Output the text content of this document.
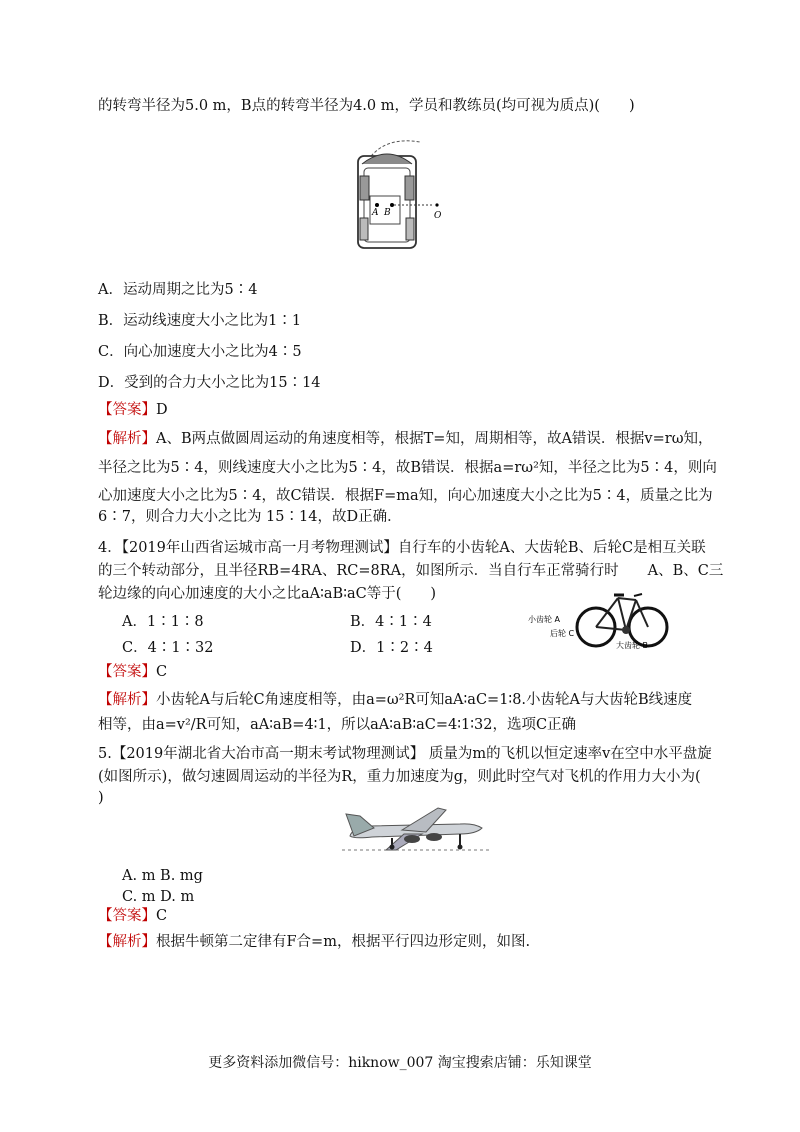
的转弯半径为5.0 m，B点的转弯半径为4.0 m，学员和教练员(均可视为质点)(　　)
A B	O
A．运动周期之比为5∶4
B．运动线速度大小之比为1∶1
C．向心加速度大小之比为4∶5
D．受到的合力大小之比为15∶14
【答案】D
【解析】A、B两点做圆周运动的角速度相等，根据T=知，周期相等，故A错误．根据v=rω知，
半径之比为5∶4，则线速度大小之比为5∶4，故B错误．根据a=rω²知，半径之比为5∶4，则向
心加速度大小之比为5∶4，故C错误．根据F=ma知，向心加速度大小之比为5∶4，质量之比为
6∶7，则合力大小之比为 15∶14，故D正确．
4．【2019年山西省运城市高一月考物理测试】自行车的小齿轮A、大齿轮B、后轮C是相互关联
的三个转动部分，且半径RB=4RA、RC=8RA，如图所示．当自行车正常骑行时　　A、B、C三
轮边缘的向心加速度的大小之比aA∶aB∶aC等于(　　)
A．1∶1∶8	B．4∶1∶4
C．4∶1∶32	D．1∶2∶4
小齿轮 A
后轮 C
大齿轮 B
【答案】C
【解析】小齿轮A与后轮C角速度相等，由a=ω²R可知aA∶aC=1∶8.小齿轮A与大齿轮B线速度
相等，由a=v²/R可知，aA∶aB=4∶1，所以aA∶aB∶aC=4∶1∶32，选项C正确
5.【2019年湖北省大冶市高一期末考试物理测试】 质量为m的飞机以恒定速率v在空中水平盘旋
(如图所示)，做匀速圆周运动的半径为R，重力加速度为g，则此时空气对飞机的作用力大小为(
)
A. m B. mg
C. m D. m
【答案】C
【解析】根据牛顿第二定律有F合=m，根据平行四边形定则，如图.
更多资料添加微信号：hiknow_007 淘宝搜索店铺：乐知课堂
